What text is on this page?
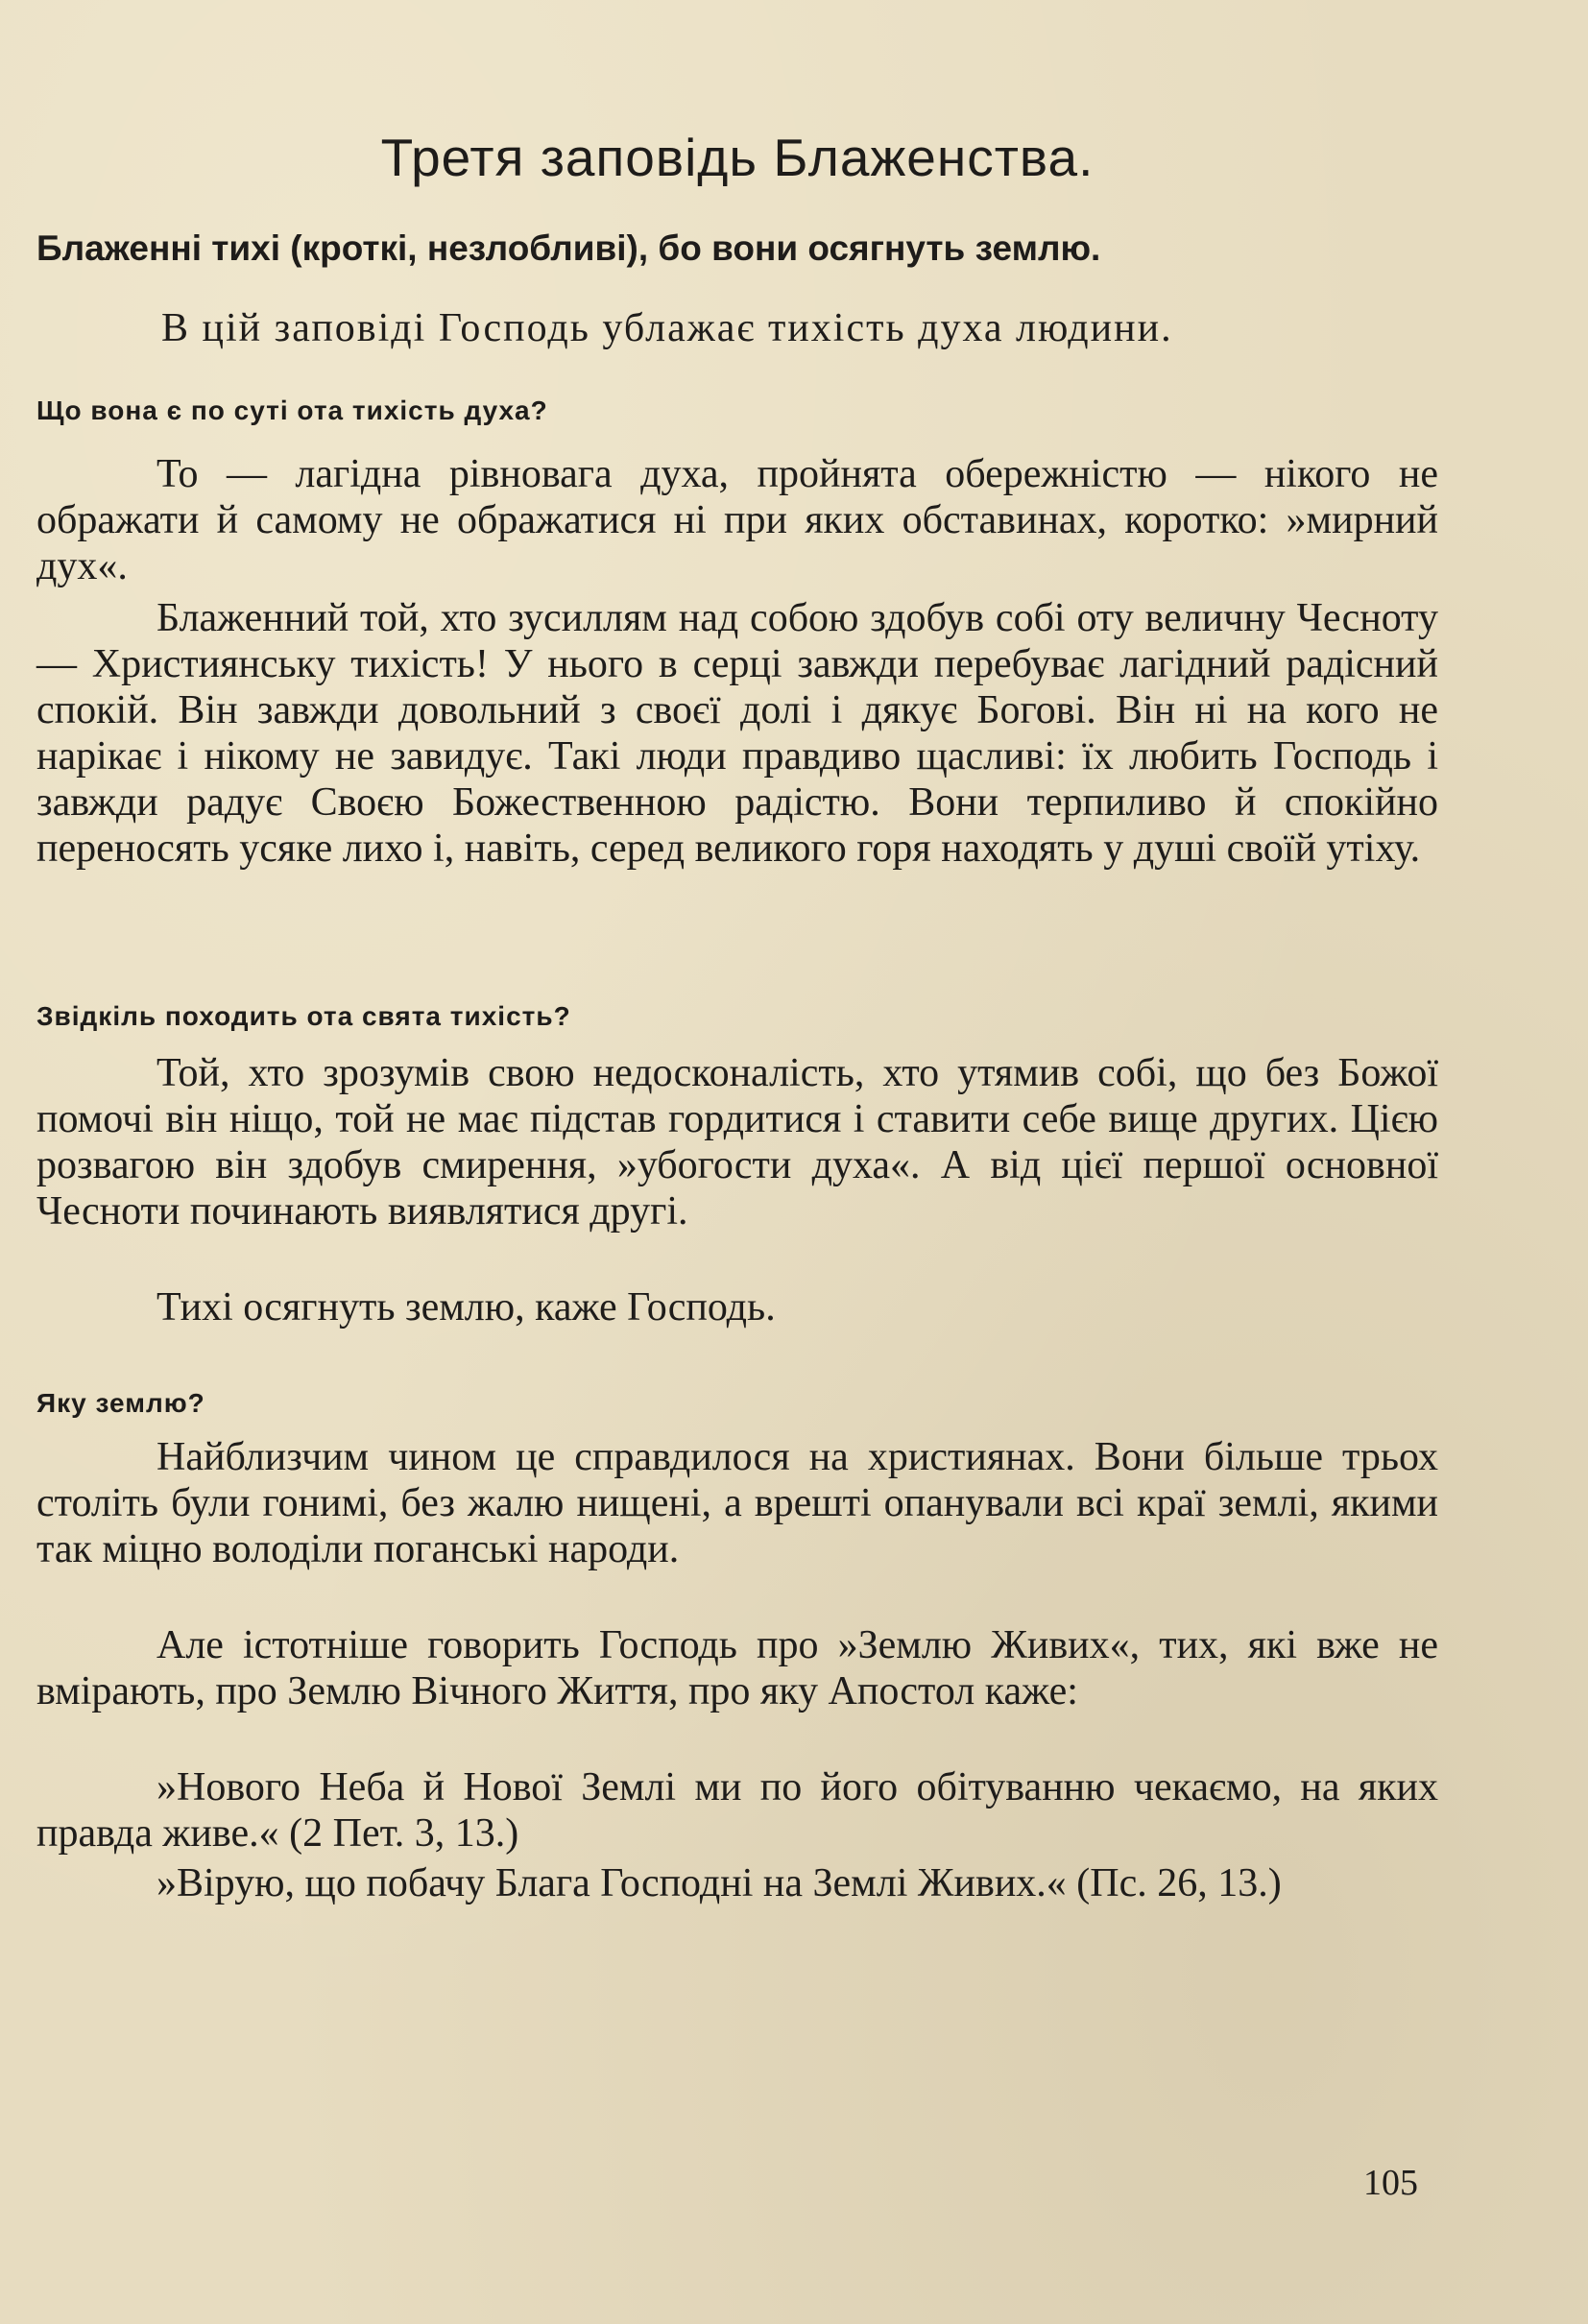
Третя заповідь Блаженства.

Блаженні тихі (кроткі, незлобливі), бо вони осягнуть землю.

В цій заповіді Господь ублажає тихість духа людини.

Що вона є по суті ота тихість духа?

То — лагідна рівновага духа, пройнята обережністю — нікого не ображати й самому не ображатися ні при яких обставинах, коротко: »мирний дух«.

Блаженний той, хто зусиллям над собою здобув собі оту величну Чесноту — Християнську тихість! У нього в серці завжди перебуває лагідний радісний спокій. Він завжди довольний з своєї долі і дякує Богові. Він ні на кого не нарікає і нікому не завидує. Такі люди правдиво щасливі: їх любить Господь і завжди радує Своєю Божественною радістю. Вони терпиливо й спокійно переносять усяке лихо і, навіть, серед великого горя находять у душі своїй утіху.

Звідкіль походить ота свята тихість?

Той, хто зрозумів свою недосконалість, хто утямив собі, що без Божої помочі він ніщо, той не має підстав гордитися і ставити себе вище других. Цією розвагою він здобув смирення, »убогости духа«. А від цієї першої основної Чесноти починають виявлятися другі.

Тихі осягнуть землю, каже Господь.

Яку землю?

Найблизчим чином це справдилося на християнах. Вони більше трьох століть були гонимі, без жалю нищені, а врешті опанували всі краї землі, якими так міцно володіли поганські народи.

Але істотніше говорить Господь про »Землю Живих«, тих, які вже не вмірають, про Землю Вічного Життя, про яку Апостол каже:

»Нового Неба й Нової Землі ми по його обітуванню чекаємо, на яких правда живе.« (2 Пет. 3, 13.)

»Вірую, що побачу Блага Господні на Землі Живих.« (Пс. 26, 13.)

105
